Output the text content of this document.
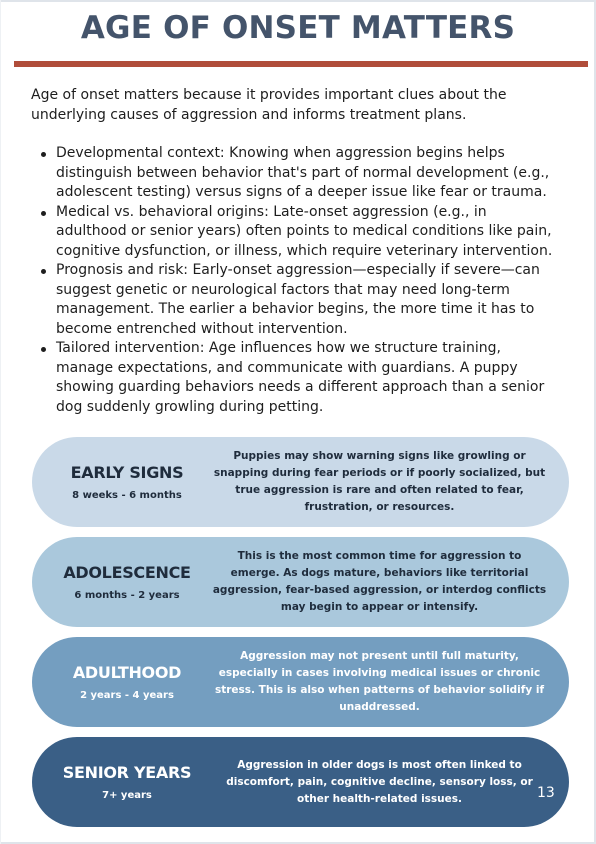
AGE OF ONSET MATTERS

Age of onset matters because it provides important clues about the underlying causes of aggression and informs treatment plans.

Developmental context: Knowing when aggression begins helps distinguish between behavior that's part of normal development (e.g., adolescent testing) versus signs of a deeper issue like fear or trauma.
Medical vs. behavioral origins: Late-onset aggression (e.g., in adulthood or senior years) often points to medical conditions like pain, cognitive dysfunction, or illness, which require veterinary intervention.
Prognosis and risk: Early-onset aggression—especially if severe—can suggest genetic or neurological factors that may need long-term management. The earlier a behavior begins, the more time it has to become entrenched without intervention.
Tailored intervention: Age influences how we structure training, manage expectations, and communicate with guardians. A puppy showing guarding behaviors needs a different approach than a senior dog suddenly growling during petting.
EARLY SIGNS
8 weeks - 6 months
Puppies may show warning signs like growling or snapping during fear periods or if poorly socialized, but true aggression is rare and often related to fear, frustration, or resources.
ADOLESCENCE
6 months - 2 years
This is the most common time for aggression to emerge. As dogs mature, behaviors like territorial aggression, fear-based aggression, or interdog conflicts may begin to appear or intensify.
ADULTHOOD
2 years - 4 years
Aggression may not present until full maturity, especially in cases involving medical issues or chronic stress. This is also when patterns of behavior solidify if unaddressed.
SENIOR YEARS
7+ years
Aggression in older dogs is most often linked to discomfort, pain, cognitive decline, sensory loss, or other health-related issues.	13
